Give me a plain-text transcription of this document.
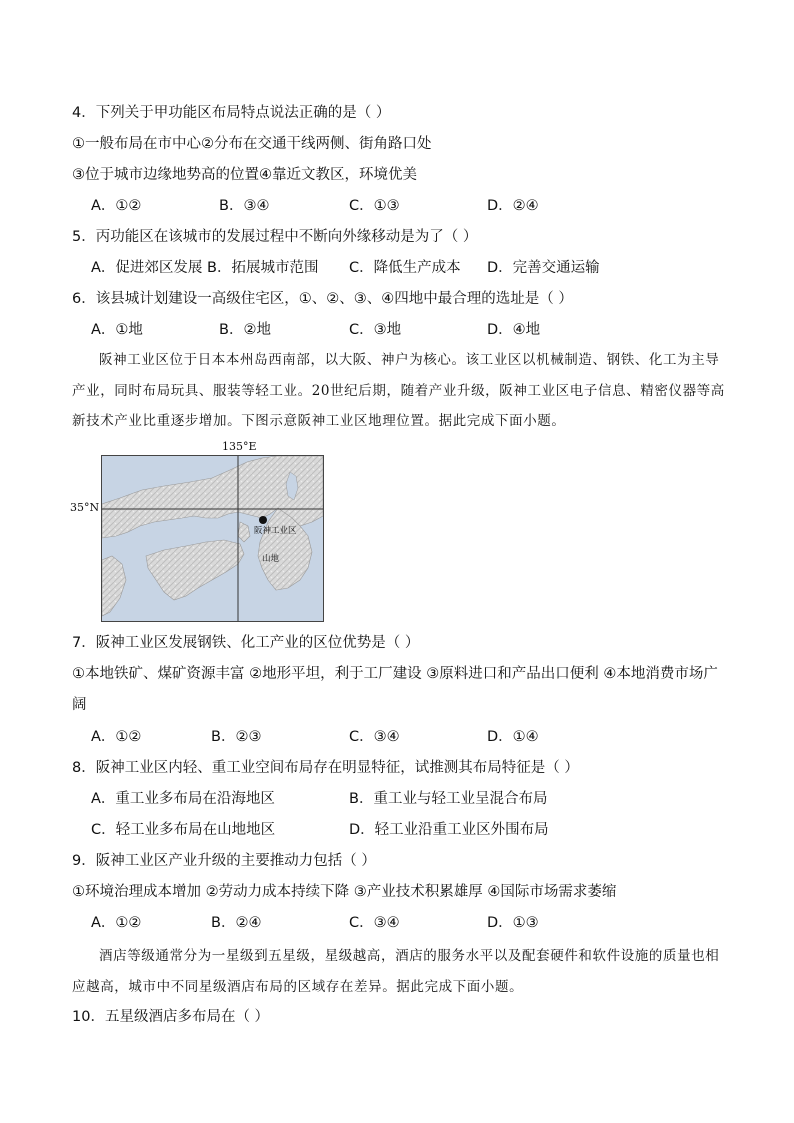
4．下列关于甲功能区布局特点说法正确的是（ ）
①一般布局在市中心②分布在交通干线两侧、街角路口处
③位于城市边缘地势高的位置④靠近文教区，环境优美
A．①②	B．③④	C．①③	D．②④
5．丙功能区在该城市的发展过程中不断向外缘移动是为了（ ）
A．促进郊区发展 B．拓展城市范围 C．降低生产成本 D．完善交通运输
6．该县城计划建设一高级住宅区，①、②、③、④四地中最合理的选址是（ ）
A．①地	B．②地	C．③地	D．④地
阪神工业区位于日本本州岛西南部，以大阪、神户为核心。该工业区以机械制造、钢铁、化工为主导产业，同时布局玩具、服装等轻工业。20世纪后期，随着产业升级，阪神工业区电子信息、精密仪器等高新技术产业比重逐步增加。下图示意阪神工业区地理位置。据此完成下面小题。
135°E
35°N
阪神工业区
山地
7．阪神工业区发展钢铁、化工产业的区位优势是（ ）
①本地铁矿、煤矿资源丰富 ②地形平坦，利于工厂建设 ③原料进口和产品出口便利 ④本地消费市场广
阔
A．①②	B．②③	C．③④	D．①④
8．阪神工业区内轻、重工业空间布局存在明显特征，试推测其布局特征是（ ）
A．重工业多布局在沿海地区	B．重工业与轻工业呈混合布局
C．轻工业多布局在山地地区	D．轻工业沿重工业区外围布局
9．阪神工业区产业升级的主要推动力包括（ ）
①环境治理成本增加 ②劳动力成本持续下降 ③产业技术积累雄厚 ④国际市场需求萎缩
A．①②	B．②④	C．③④	D．①③
酒店等级通常分为一星级到五星级，星级越高，酒店的服务水平以及配套硬件和软件设施的质量也相应越高，城市中不同星级酒店布局的区域存在差异。据此完成下面小题。
10．五星级酒店多布局在（ ）
